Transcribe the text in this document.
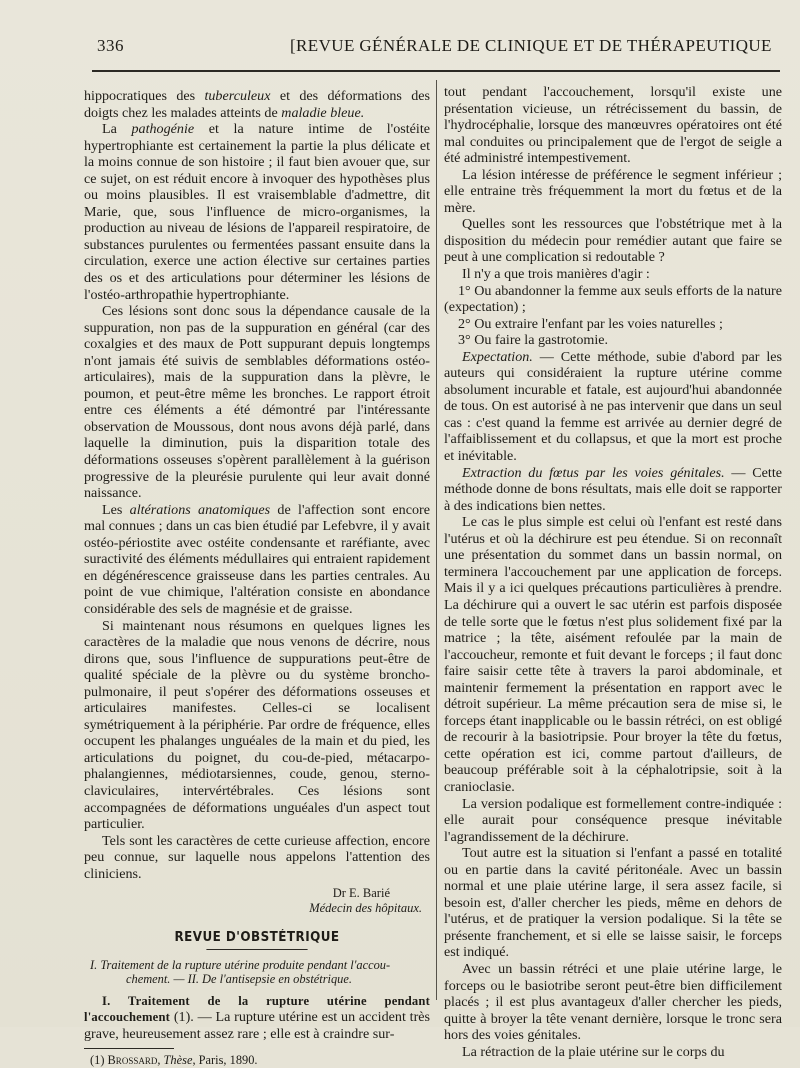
336	[REVUE GÉNÉRALE DE CLINIQUE ET DE THÉRAPEUTIQUE

hippocratiques des tuberculeux et des déformations des doigts chez les malades atteints de maladie bleue.

La pathogénie et la nature intime de l'ostéite hypertrophiante est certainement la partie la plus délicate et la moins connue de son histoire ; il faut bien avouer que, sur ce sujet, on est réduit encore à invoquer des hypothèses plus ou moins plausibles. Il est vraisemblable d'admettre, dit Marie, que, sous l'influence de micro-organismes, la production au niveau de lésions de l'appareil respiratoire, de substances purulentes ou fermentées passant ensuite dans la circulation, exerce une action élective sur certaines parties des os et des articulations pour déterminer les lésions de l'ostéo-arthropathie hypertrophiante.

Ces lésions sont donc sous la dépendance causale de la suppuration, non pas de la suppuration en général (car des coxalgies et des maux de Pott suppurant depuis longtemps n'ont jamais été suivis de semblables déformations ostéo-articulaires), mais de la suppuration dans la plèvre, le poumon, et peut-être même les bronches. Le rapport étroit entre ces éléments a été démontré par l'intéressante observation de Moussous, dont nous avons déjà parlé, dans laquelle la diminution, puis la disparition totale des déformations osseuses s'opèrent parallèlement à la guérison progressive de la pleurésie purulente qui leur avait donné naissance.

Les altérations anatomiques de l'affection sont encore mal connues ; dans un cas bien étudié par Lefebvre, il y avait ostéo-périostite avec ostéite condensante et raréfiante, avec suractivité des éléments médullaires qui entraient rapidement en dégénérescence graisseuse dans les parties centrales. Au point de vue chimique, l'altération consiste en abondance considérable des sels de magnésie et de graisse.

Si maintenant nous résumons en quelques lignes les caractères de la maladie que nous venons de décrire, nous dirons que, sous l'influence de suppurations peut-être de qualité spéciale de la plèvre ou du système broncho-pulmonaire, il peut s'opérer des déformations osseuses et articulaires manifestes. Celles-ci se localisent symétriquement à la périphérie. Par ordre de fréquence, elles occupent les phalanges unguéales de la main et du pied, les articulations du poignet, du cou-de-pied, métacarpo-phalangiennes, médiotarsiennes, coude, genou, sterno-claviculaires, intervértébrales. Ces lésions sont accompagnées de déformations unguéales d'un aspect tout particulier.

Tels sont les caractères de cette curieuse affection, encore peu connue, sur laquelle nous appelons l'attention des cliniciens.

Dr E. Barié
Médecin des hôpitaux.
REVUE D'OBSTÉTRIQUE

I. Traitement de la rupture utérine produite pendant l'accou-
chement. — II. De l'antisepsie en obstétrique.

I. Traitement de la rupture utérine pendant l'accouchement (1). — La rupture utérine est un accident très grave, heureusement assez rare ; elle est à craindre sur-

(1) Brossard, Thèse, Paris, 1890.

tout pendant l'accouchement, lorsqu'il existe une présentation vicieuse, un rétrécissement du bassin, de l'hydrocéphalie, lorsque des manœuvres opératoires ont été mal conduites ou principalement que de l'ergot de seigle a été administré intempestivement.

La lésion intéresse de préférence le segment inférieur ; elle entraine très fréquemment la mort du fœtus et de la mère.

Quelles sont les ressources que l'obstétrique met à la disposition du médecin pour remédier autant que faire se peut à une complication si redoutable ?

Il n'y a que trois manières d'agir :

1° Ou abandonner la femme aux seuls efforts de la nature (expectation) ;

2° Ou extraire l'enfant par les voies naturelles ;

3° Ou faire la gastrotomie.

Expectation. — Cette méthode, subie d'abord par les auteurs qui considéraient la rupture utérine comme absolument incurable et fatale, est aujourd'hui abandonnée de tous. On est autorisé à ne pas intervenir que dans un seul cas : c'est quand la femme est arrivée au dernier degré de l'affaiblissement et du collapsus, et que la mort est proche et inévitable.

Extraction du fœtus par les voies génitales. — Cette méthode donne de bons résultats, mais elle doit se rapporter à des indications bien nettes.

Le cas le plus simple est celui où l'enfant est resté dans l'utérus et où la déchirure est peu étendue. Si on reconnaît une présentation du sommet dans un bassin normal, on terminera l'accouchement par une application de forceps. Mais il y a ici quelques précautions particulières à prendre. La déchirure qui a ouvert le sac utérin est parfois disposée de telle sorte que le fœtus n'est plus solidement fixé par la matrice ; la tête, aisément refoulée par la main de l'accoucheur, remonte et fuit devant le forceps ; il faut donc faire saisir cette tête à travers la paroi abdominale, et maintenir fermement la présentation en rapport avec le détroit supérieur. La même précaution sera de mise si, le forceps étant inapplicable ou le bassin rétréci, on est obligé de recourir à la basiotripsie. Pour broyer la tête du fœtus, cette opération est ici, comme partout d'ailleurs, de beaucoup préférable soit à la céphalotripsie, soit à la cranioclasie.

La version podalique est formellement contre-indiquée : elle aurait pour conséquence presque inévitable l'agrandissement de la déchirure.

Tout autre est la situation si l'enfant a passé en totalité ou en partie dans la cavité péritonéale. Avec un bassin normal et une plaie utérine large, il sera assez facile, si besoin est, d'aller chercher les pieds, même en dehors de l'utérus, et de pratiquer la version podalique. Si la tête se présente franchement, et si elle se laisse saisir, le forceps est indiqué.

Avec un bassin rétréci et une plaie utérine large, le forceps ou le basiotribe seront peut-être bien difficilement placés ; il est plus avantageux d'aller chercher les pieds, quitte à broyer la tête venant dernière, lorsque le tronc sera hors des voies génitales.

La rétraction de la plaie utérine sur le corps du
